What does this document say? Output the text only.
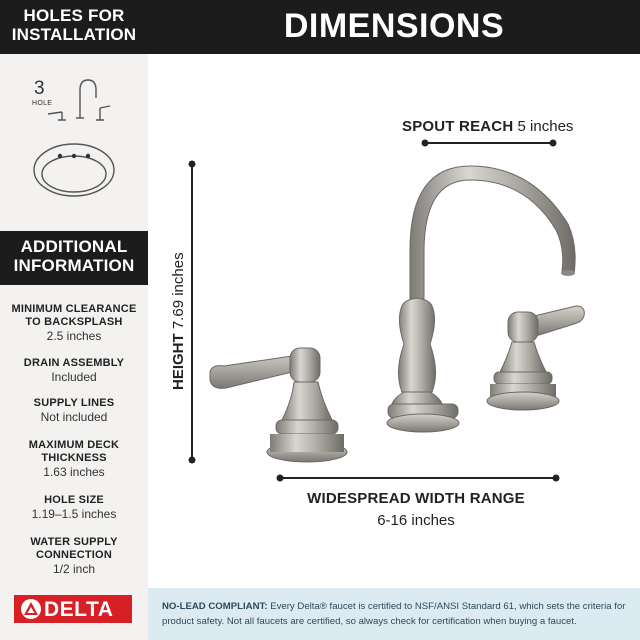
HOLES FOR
INSTALLATION
3
HOLE
ADDITIONAL
INFORMATION
MINIMUM CLEARANCE
TO BACKSPLASH
2.5 inches
DRAIN ASSEMBLY
Included
SUPPLY LINES
Not included
MAXIMUM DECK
THICKNESS
1.63 inches
HOLE SIZE
1.19–1.5 inches
WATER SUPPLY
CONNECTION
1/2 inch
DIMENSIONS
SPOUT REACH 5 inches
HEIGHT 7.69 inches
WIDESPREAD WIDTH RANGE
6-16 inches
DELTA	NO-LEAD COMPLIANT: Every Delta® faucet is certified to NSF/ANSI Standard 61, which sets the criteria for product safety. Not all faucets are certified, so always check for certification when buying a faucet.
